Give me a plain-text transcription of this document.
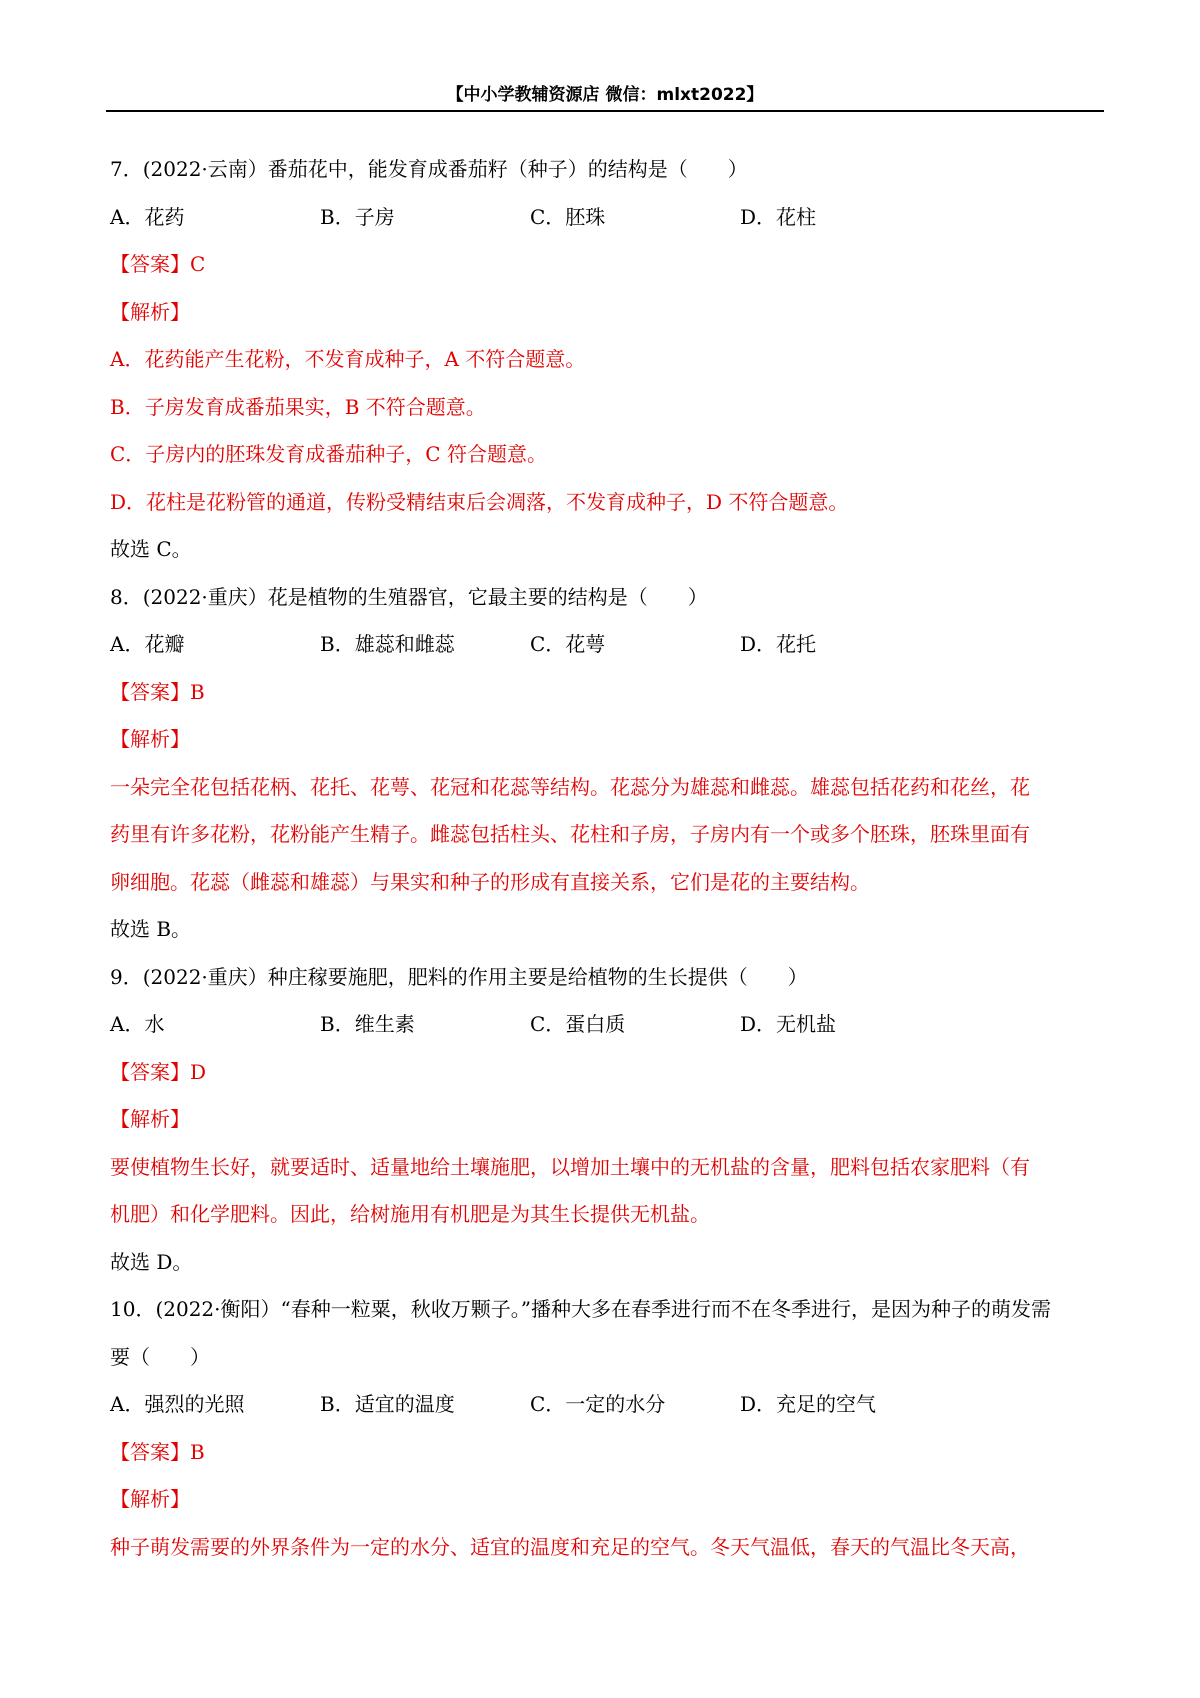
【中小学教辅资源店 微信：mlxt2022】
7．(2022·云南）番茄花中，能发育成番茄籽（种子）的结构是（　　）
A．花药	B．子房	C．胚珠	D．花柱
【答案】C
【解析】
A．花药能产生花粉，不发育成种子，A 不符合题意。
B．子房发育成番茄果实，B 不符合题意。
C．子房内的胚珠发育成番茄种子，C 符合题意。
D．花柱是花粉管的通道，传粉受精结束后会凋落，不发育成种子，D 不符合题意。
故选 C。
8．(2022·重庆）花是植物的生殖器官，它最主要的结构是（　　）
A．花瓣	B．雄蕊和雌蕊	C．花萼	D．花托
【答案】B
【解析】
一朵完全花包括花柄、花托、花萼、花冠和花蕊等结构。花蕊分为雄蕊和雌蕊。雄蕊包括花药和花丝，花
药里有许多花粉，花粉能产生精子。雌蕊包括柱头、花柱和子房，子房内有一个或多个胚珠，胚珠里面有
卵细胞。花蕊（雌蕊和雄蕊）与果实和种子的形成有直接关系，它们是花的主要结构。
故选 B。
9．(2022·重庆）种庄稼要施肥，肥料的作用主要是给植物的生长提供（　　）
A．水	B．维生素	C．蛋白质	D．无机盐
【答案】D
【解析】
要使植物生长好，就要适时、适量地给土壤施肥，以增加土壤中的无机盐的含量，肥料包括农家肥料（有
机肥）和化学肥料。因此，给树施用有机肥是为其生长提供无机盐。
故选 D。
10．(2022·衡阳）“春种一粒粟，秋收万颗子。”播种大多在春季进行而不在冬季进行，是因为种子的萌发需
要（　　）
A．强烈的光照	B．适宜的温度	C．一定的水分	D．充足的空气
【答案】B
【解析】
种子萌发需要的外界条件为一定的水分、适宜的温度和充足的空气。冬天气温低，春天的气温比冬天高，
